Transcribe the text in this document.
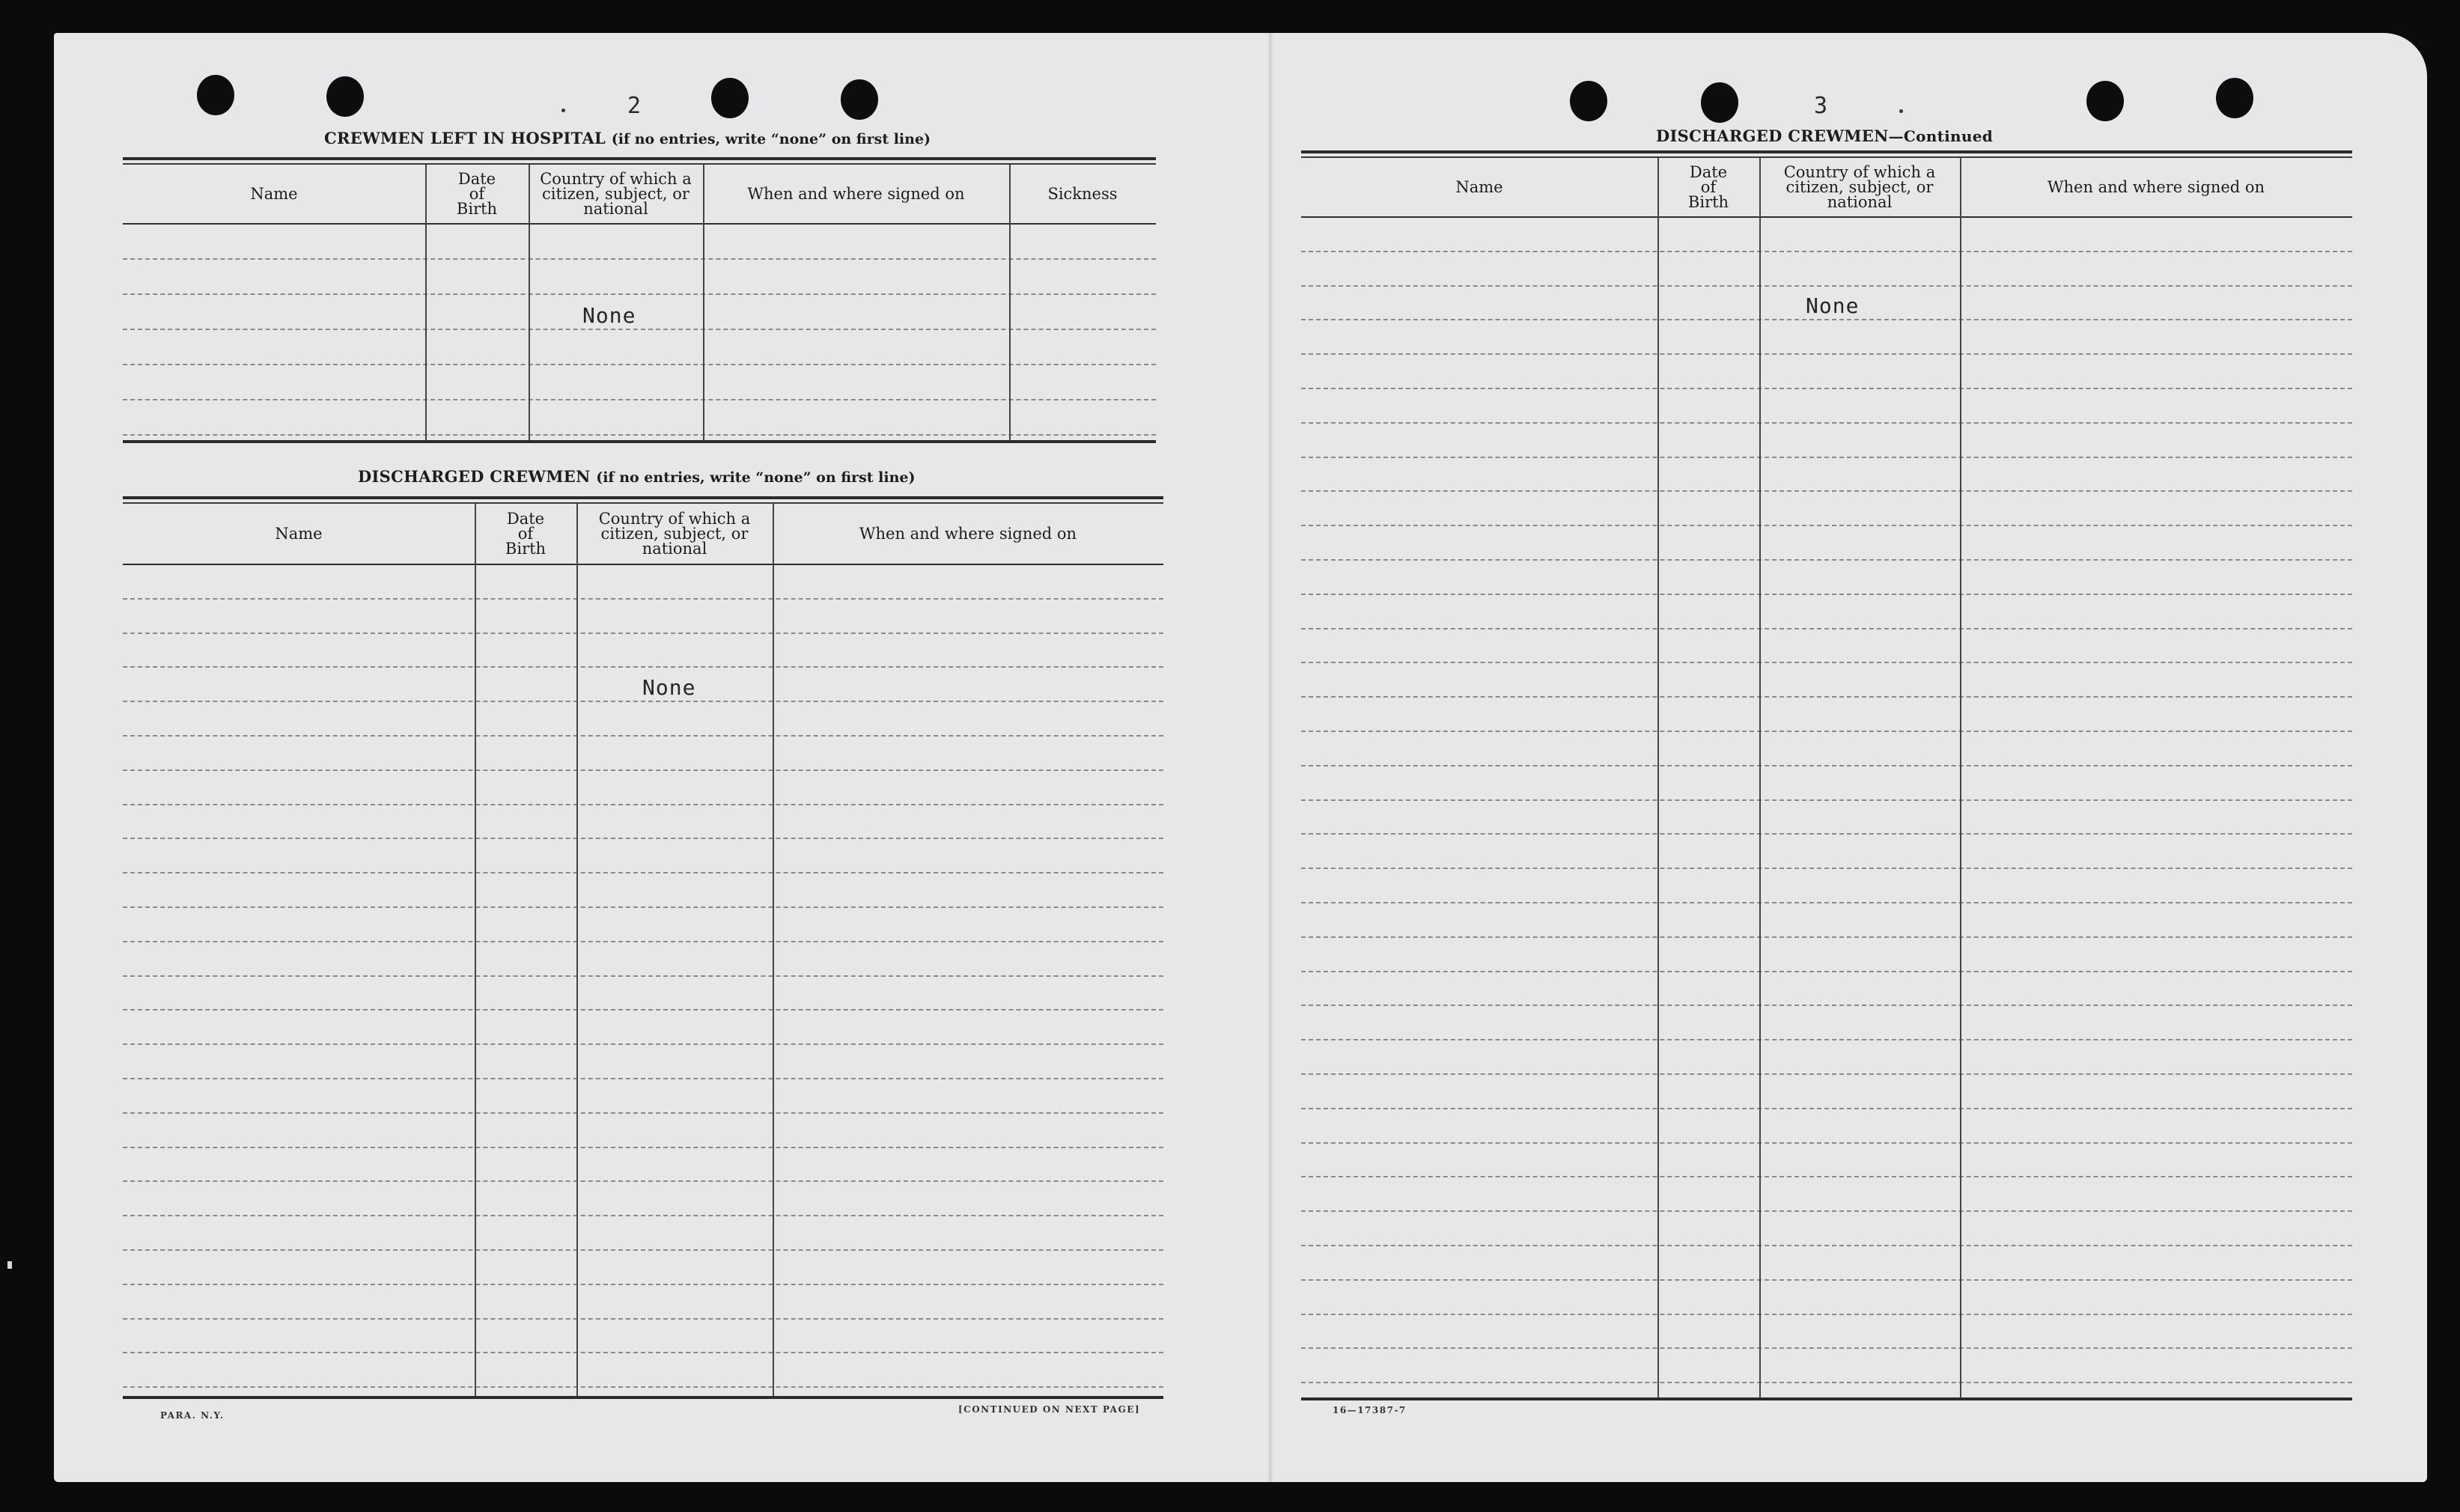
2
CREWMEN LEFT IN HOSPITAL (if no entries, write “none” on first line)
Name
Date
of
Birth
Country of which a
citizen, subject, or
national
When and where signed on	Sickness
None
DISCHARGED CREWMEN (if no entries, write “none” on first line)
Name
Date
of
Birth
Country of which a
citizen, subject, or
national
When and where signed on
None
PARA. N.Y.
[CONTINUED ON NEXT PAGE]
3
DISCHARGED CREWMEN—Continued
Name
Date
of
Birth
Country of which a
citizen, subject, or
national
When and where signed on
None
16—17387-7
